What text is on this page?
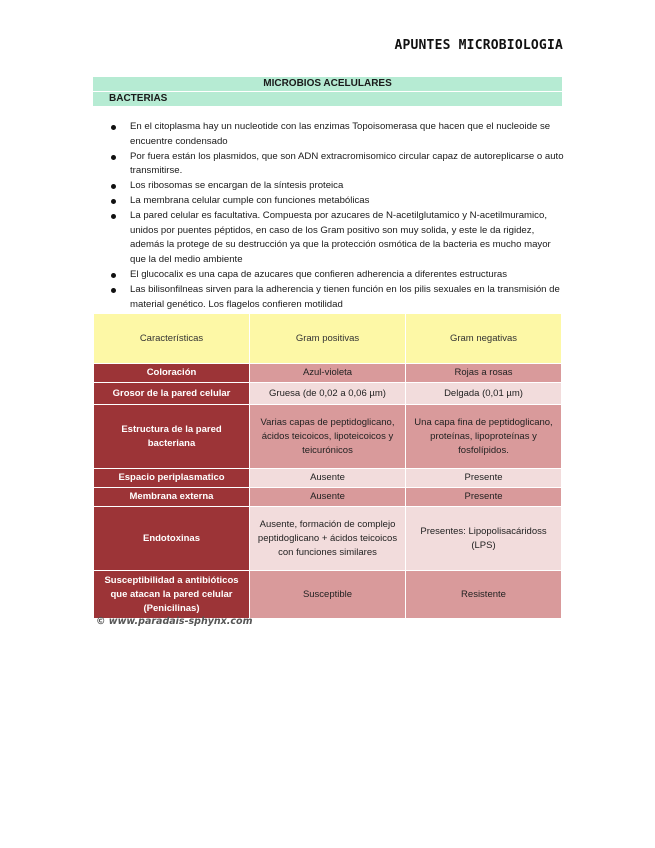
APUNTES MICROBIOLOGIA
MICROBIOS ACELULARES
BACTERIAS
En el citoplasma hay un nucleotide con las enzimas Topoisomerasa que hacen que el nucleoide se encuentre condensado
Por fuera están los plasmidos, que son ADN extracromisomico circular capaz de autoreplicarse o auto transmitirse.
Los ribosomas se encargan de la síntesis proteica
La membrana celular cumple con funciones metabólicas
La pared celular es facultativa. Compuesta por azucares de N-acetilglutamico y N-acetilmuramico, unidos por puentes péptidos, en caso de los Gram positivo son muy solida, y este le da rigidez, además la protege de su destrucción ya que la protección osmótica de la bacteria es mucho mayor que la del medio ambiente
El glucocalix es una capa de azucares que confieren adherencia a diferentes estructuras
Las bilisonfilneas sirven para la adherencia y tienen función en los pilis sexuales en la transmisión de material genético. Los flagelos confieren motilidad
Características	Gram positivas	Gram negativas
Coloración	Azul-violeta	Rojas a rosas
Grosor de la pared celular	Gruesa (de 0,02 a 0,06 µm)	Delgada (0,01 µm)
Estructura de la pared bacteriana	Varias capas de peptidoglicano, ácidos teicoicos, lipoteicoicos y teicurónicos	Una capa fina de peptidoglicano, proteínas, lipoproteínas y fosfolípidos.
Espacio periplasmatico	Ausente	Presente
Membrana externa	Ausente	Presente
Endotoxinas	Ausente, formación de complejo peptidoglicano + ácidos teicoicos con funciones similares	Presentes: Lipopolisacáridoss (LPS)
Susceptibilidad a antibióticos que atacan la pared celular (Penicilinas)	Susceptible	Resistente
© www.paradais-sphynx.com
